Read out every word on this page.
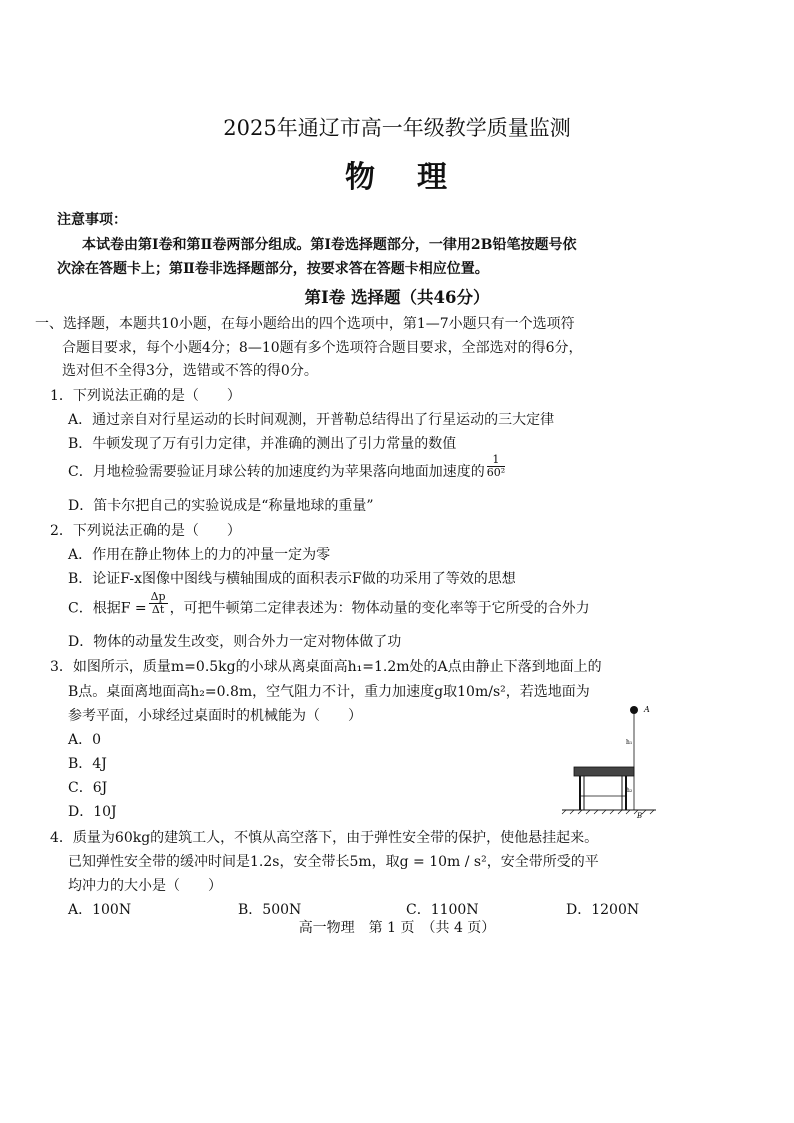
2025年通辽市高一年级教学质量监测
物 理
注意事项：
本试卷由第Ⅰ卷和第Ⅱ卷两部分组成。第Ⅰ卷选择题部分，一律用2B铅笔按题号依
次涂在答题卡上；第Ⅱ卷非选择题部分，按要求答在答题卡相应位置。
第Ⅰ卷 选择题（共46分）
一、选择题，本题共10小题，在每小题给出的四个选项中，第1—7小题只有一个选项符
合题目要求，每个小题4分；8—10题有多个选项符合题目要求，全部选对的得6分，
选对但不全得3分，选错或不答的得0分。
1．下列说法正确的是（　　）
A．通过亲自对行星运动的长时间观测，开普勒总结得出了行星运动的三大定律
B．牛顿发现了万有引力定律，并准确的测出了引力常量的数值
C．月地检验需要验证月球公转的加速度约为苹果落向地面加速度的 $\frac{1}{\text{60²}}$
D．笛卡尔把自己的实验说成是“称量地球的重量”
2．下列说法正确的是（　　）
A．作用在静止物体上的力的冲量一定为零
B．论证F-x图像中图线与横轴围成的面积表示F做的功采用了等效的思想
C．根据$F = \frac{\Delta p}{\Delta t}$ ，可把牛顿第二定律表述为：物体动量的变化率等于它所受的合外力
D．物体的动量发生改变，则合外力一定对物体做了功
3．如图所示，质量m=0.5kg的小球从离桌面高h₁=1.2m处的A点由静止下落到地面上的
B点。桌面离地面高h₂=0.8m，空气阻力不计，重力加速度g取10m/s²，若选地面为
参考平面，小球经过桌面时的机械能为（　　）
A．0
B．4J
C．6J
D．10J
A
h₁
h₂
B
4．质量为60kg的建筑工人，不慎从高空落下，由于弹性安全带的保护，使他悬挂起来。
已知弹性安全带的缓冲时间是1.2s，安全带长5m，取g = 10m / s²，安全带所受的平
均冲力的大小是（　　）
A．100N	B．500N	C．1100N	D．1200N
高一物理　第 1 页　（共 4 页）
